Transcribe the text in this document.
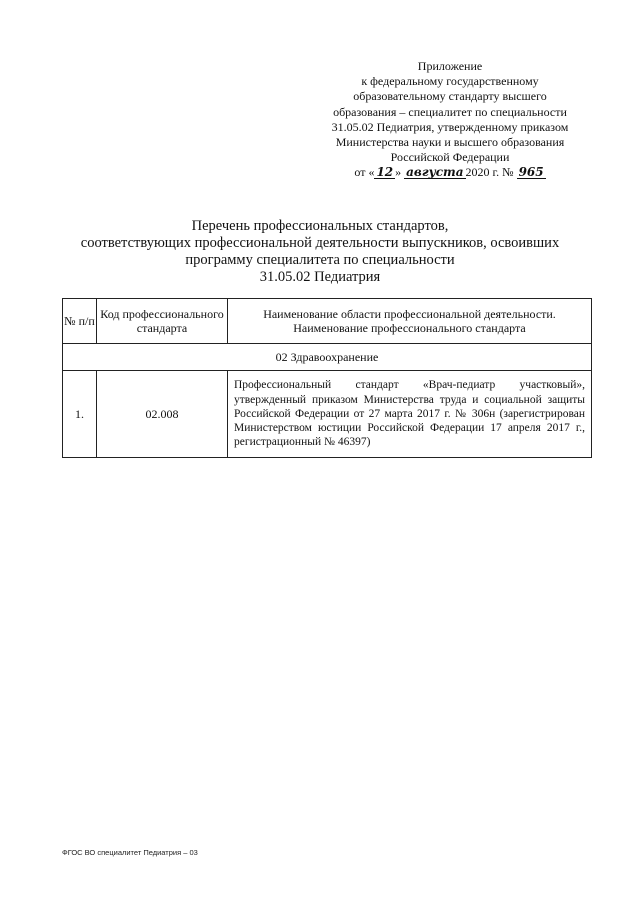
Приложение
к федеральному государственному
образовательному стандарту высшего
образования – специалитет по специальности
31.05.02 Педиатрия, утвержденному приказом
Министерства науки и высшего образования
Российской Федерации
от « 12 » августа 2020 г. № 965
Перечень профессиональных стандартов,
соответствующих профессиональной деятельности выпускников, освоивших
программу специалитета по специальности
31.05.02 Педиатрия
№ п/п	Код профессионального стандарта	Наименование области профессиональной деятельности. Наименование профессионального стандарта
02 Здравоохранение		
1.	02.008	Профессиональный стандарт «Врач-педиатр участковый», утвержденный приказом Министерства труда и социальной защиты Российской Федерации от 27 марта 2017 г. № 306н (зарегистрирован Министерством юстиции Российской Федерации 17 апреля 2017 г., регистрационный № 46397)
ФГОС ВО специалитет Педиатрия – 03
